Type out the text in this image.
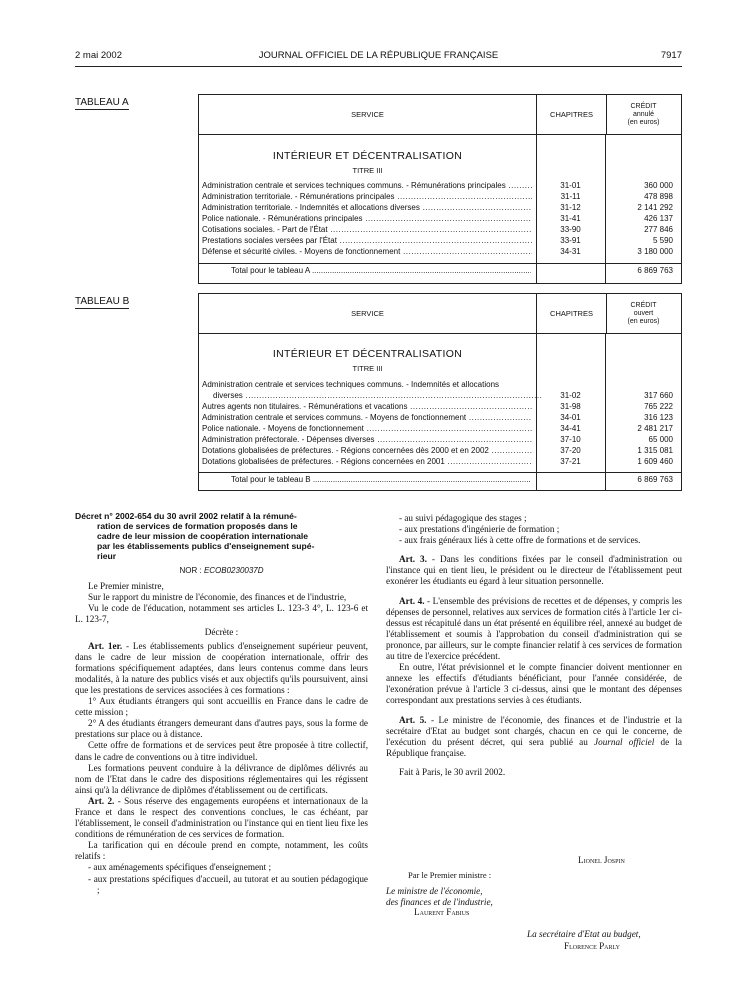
2 mai 2002	JOURNAL OFFICIEL DE LA RÉPUBLIQUE FRANÇAISE	7917
TABLEAU A
SERVICE	CHAPITRES
CRÉDIT
annulé
(en euros)
INTÉRIEUR ET DÉCENTRALISATION
TITRE III
Administration centrale et services techniques communs. - Rémunérations principales .....	31-01	360 000
Administration territoriale. - Rémunérations principales .....	31-11	478 898
Administration territoriale. - Indemnités et allocations diverses .....	31-12	2 141 292
Police nationale. - Rémunérations principales .....	31-41	426 137
Cotisations sociales. - Part de l'État .....	33-90	277 846
Prestations sociales versées par l'État .....	33-91	5 590
Défense et sécurité civiles. - Moyens de fonctionnement .....	34-31	3 180 000
Total pour le tableau A .....	6 869 763
TABLEAU B
SERVICE	CHAPITRES
CRÉDIT
ouvert
(en euros)
INTÉRIEUR ET DÉCENTRALISATION
TITRE III
Administration centrale et services techniques communs. - Indemnités et allocations
diverses .....	31-02	317 660
Autres agents non titulaires. - Rémunérations et vacations .....	31-98	765 222
Administration centrale et services communs. - Moyens de fonctionnement .....	34-01	316 123
Police nationale. - Moyens de fonctionnement .....	34-41	2 481 217
Administration préfectorale. - Dépenses diverses .....	37-10	65 000
Dotations globalisées de préfectures. - Régions concernées dès 2000 et en 2002 .....	37-20	1 315 081
Dotations globalisées de préfectures. - Régions concernées en 2001 .....	37-21	1 609 460
Total pour le tableau B .....	6 869 763
Décret n° 2002-654 du 30 avril 2002 relatif à la rémuné-
ration de services de formation proposés dans le
cadre de leur mission de coopération internationale
par les établissements publics d'enseignement supé-
rieur
NOR : ECOB0230037D

Le Premier ministre,

Sur le rapport du ministre de l'économie, des finances et de l'industrie,

Vu le code de l'éducation, notamment ses articles L. 123-3 4°, L. 123-6 et L. 123-7,

Décrète :

Art. 1er. - Les établissements publics d'enseignement supérieur peuvent, dans le cadre de leur mission de coopération internationale, offrir des formations spécifiquement adaptées, dans leurs contenus comme dans leurs modalités, à la nature des publics visés et aux objectifs qu'ils poursuivent, ainsi que les prestations de services associées à ces formations :

1° Aux étudiants étrangers qui sont accueillis en France dans le cadre de cette mission ;

2° A des étudiants étrangers demeurant dans d'autres pays, sous la forme de prestations sur place ou à distance.

Cette offre de formations et de services peut être proposée à titre collectif, dans le cadre de conventions ou à titre individuel.

Les formations peuvent conduire à la délivrance de diplômes délivrés au nom de l'Etat dans le cadre des dispositions réglementaires qui les régissent ainsi qu'à la délivrance de diplômes d'établissement ou de certificats.

Art. 2. - Sous réserve des engagements européens et internationaux de la France et dans le respect des conventions conclues, le cas échéant, par l'établissement, le conseil d'administration ou l'instance qui en tient lieu fixe les conditions de rémunération de ces services de formation.

La tarification qui en découle prend en compte, notamment, les coûts relatifs :

- aux aménagements spécifiques d'enseignement ;

- aux prestations spécifiques d'accueil, au tutorat et au soutien pédagogique ;

- au suivi pédagogique des stages ;

- aux prestations d'ingénierie de formation ;

- aux frais généraux liés à cette offre de formations et de services.

Art. 3. - Dans les conditions fixées par le conseil d'administration ou l'instance qui en tient lieu, le président ou le directeur de l'établissement peut exonérer les étudiants eu égard à leur situation personnelle.

Art. 4. - L'ensemble des prévisions de recettes et de dépenses, y compris les dépenses de personnel, relatives aux services de formation cités à l'article 1er ci-dessus est récapitulé dans un état présenté en équilibre réel, annexé au budget de l'établissement et soumis à l'approbation du conseil d'administration qui se prononce, par ailleurs, sur le compte financier relatif à ces services de formation au titre de l'exercice précédent.

En outre, l'état prévisionnel et le compte financier doivent mentionner en annexe les effectifs d'étudiants bénéficiant, pour l'année considérée, de l'exonération prévue à l'article 3 ci-dessus, ainsi que le montant des dépenses correspondant aux prestations servies à ces étudiants.

Art. 5. - Le ministre de l'économie, des finances et de l'industrie et la secrétaire d'Etat au budget sont chargés, chacun en ce qui le concerne, de l'exécution du présent décret, qui sera publié au Journal officiel de la République française.

Fait à Paris, le 30 avril 2002.

Lionel Jospin
Par le Premier ministre :
Le ministre de l'économie,
des finances et de l'industrie,
Laurent Fabius
La secrétaire d'Etat au budget,
Florence Parly
